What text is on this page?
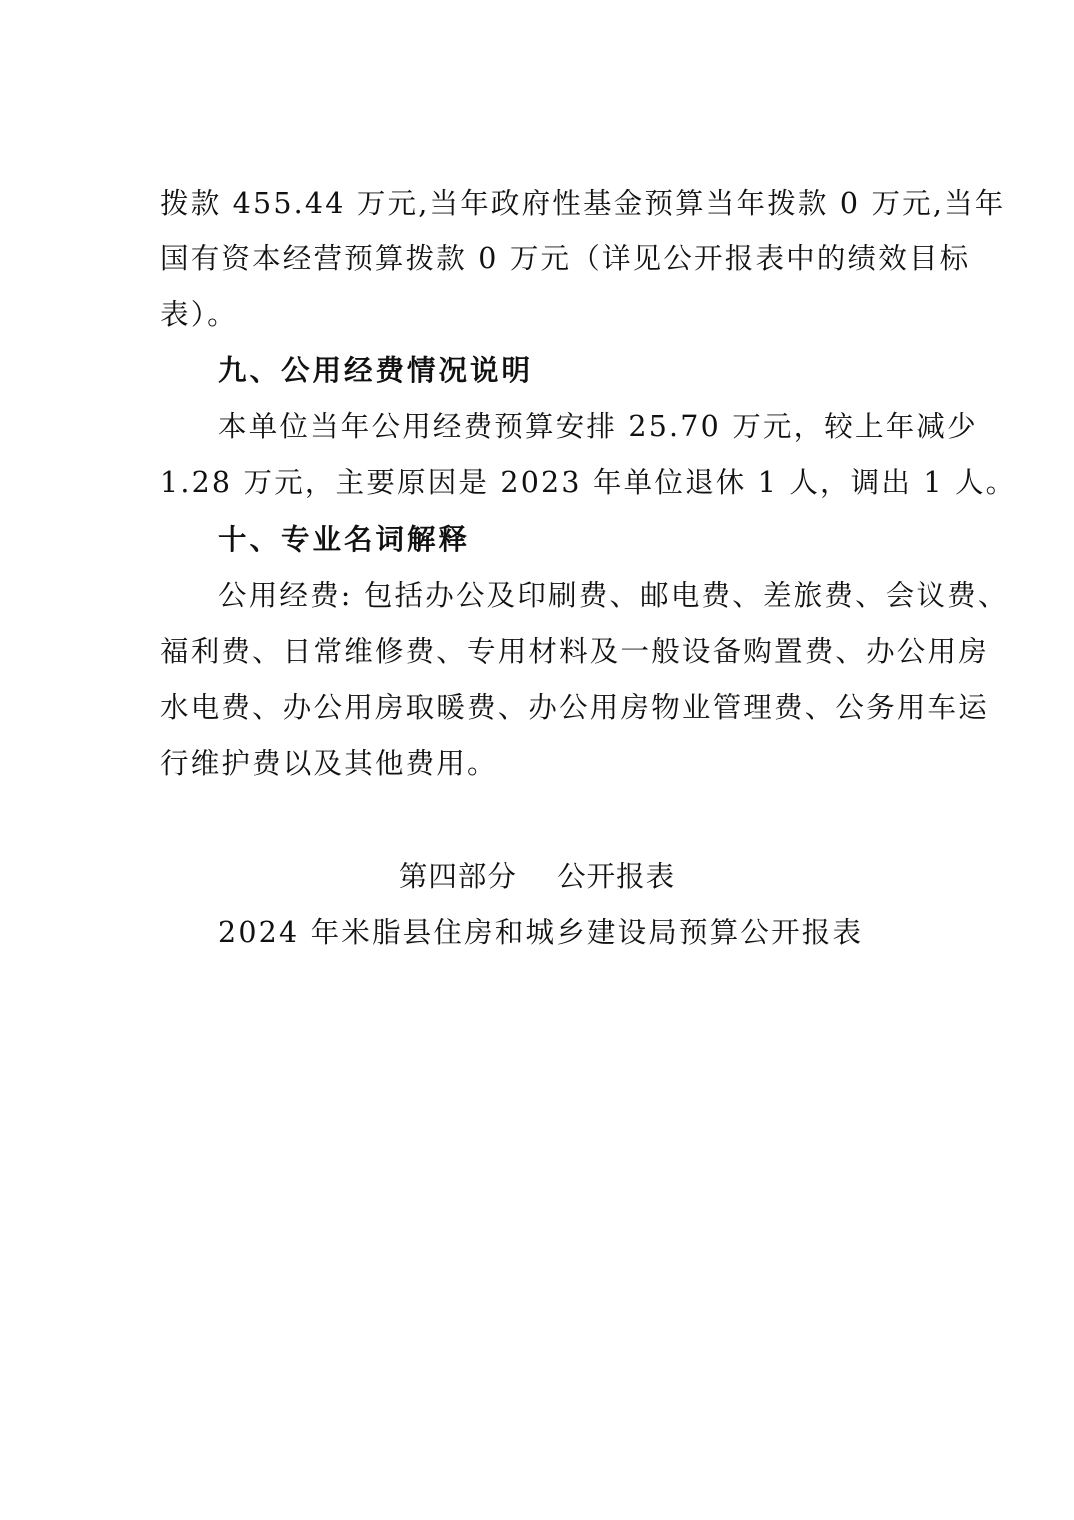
拨款 455.44 万元,当年政府性基金预算当年拨款 0 万元,当年
国有资本经营预算拨款 0 万元（详见公开报表中的绩效目标
表）。
九、公用经费情况说明
本单位当年公用经费预算安排 25.70 万元，较上年减少
1.28 万元，主要原因是 2023 年单位退休 1 人，调出 1 人。
十、专业名词解释
公用经费: 包括办公及印刷费、邮电费、差旅费、会议费、
福利费、日常维修费、专用材料及一般设备购置费、办公用房
水电费、办公用房取暖费、办公用房物业管理费、公务用车运
行维护费以及其他费用。
第四部分    公开报表
2024 年米脂县住房和城乡建设局预算公开报表
